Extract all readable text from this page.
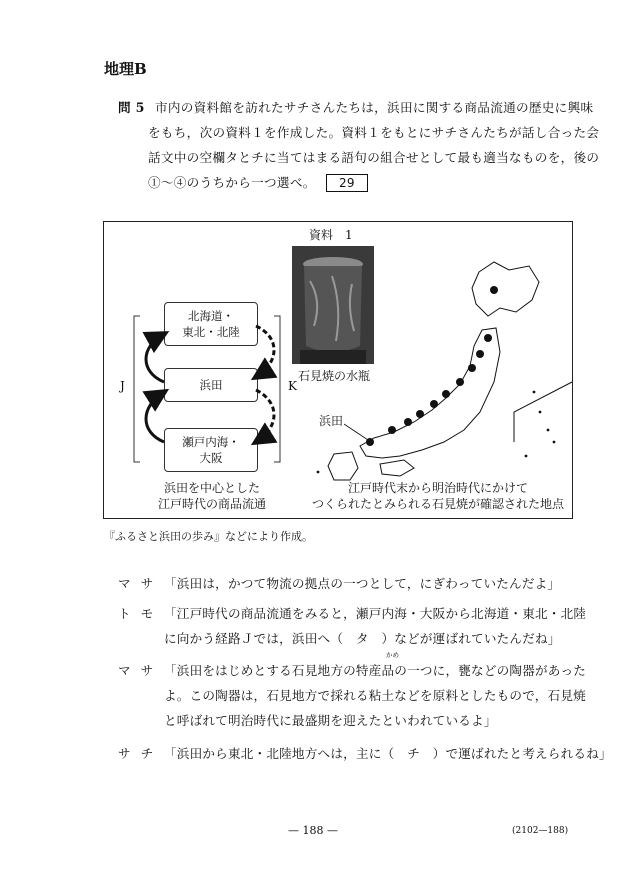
地理B
問 5 市内の資料館を訪れたサチさんたちは，浜田に関する商品流通の歴史に興味
をもち，次の資料１を作成した。資料１をもとにサチさんたちが話し合った会
話文中の空欄タとチに当てはまる語句の組合せとして最も適当なものを，後の
①～④のうちから一つ選べ。 29
資料　1
北海道・
東北・北陸
浜田
瀬戸内海・
大阪
J	K
石見焼の水瓶
浜田
浜田を中心とした
江戸時代の商品流通
江戸時代末から明治時代にかけて
つくられたとみられる石見焼が確認された地点
『ふるさと浜田の歩み』などにより作成。
マサ「浜田は，かつて物流の拠点の一つとして，にぎわっていたんだよ」
トモ「江戸時代の商品流通をみると，瀬戸内海・大阪から北海道・東北・北陸
に向かう経路Ｊでは，浜田へ（　タ　）などが運ばれていたんだね」
かめ
マサ「浜田をはじめとする石見地方の特産品の一つに，甕などの陶器があった
よ。この陶器は，石見地方で採れる粘土などを原料としたもので，石見焼
と呼ばれて明治時代に最盛期を迎えたといわれているよ」
サチ「浜田から東北・北陸地方へは，主に（　チ　）で運ばれたと考えられるね」
— 188 —	(2102—188)
